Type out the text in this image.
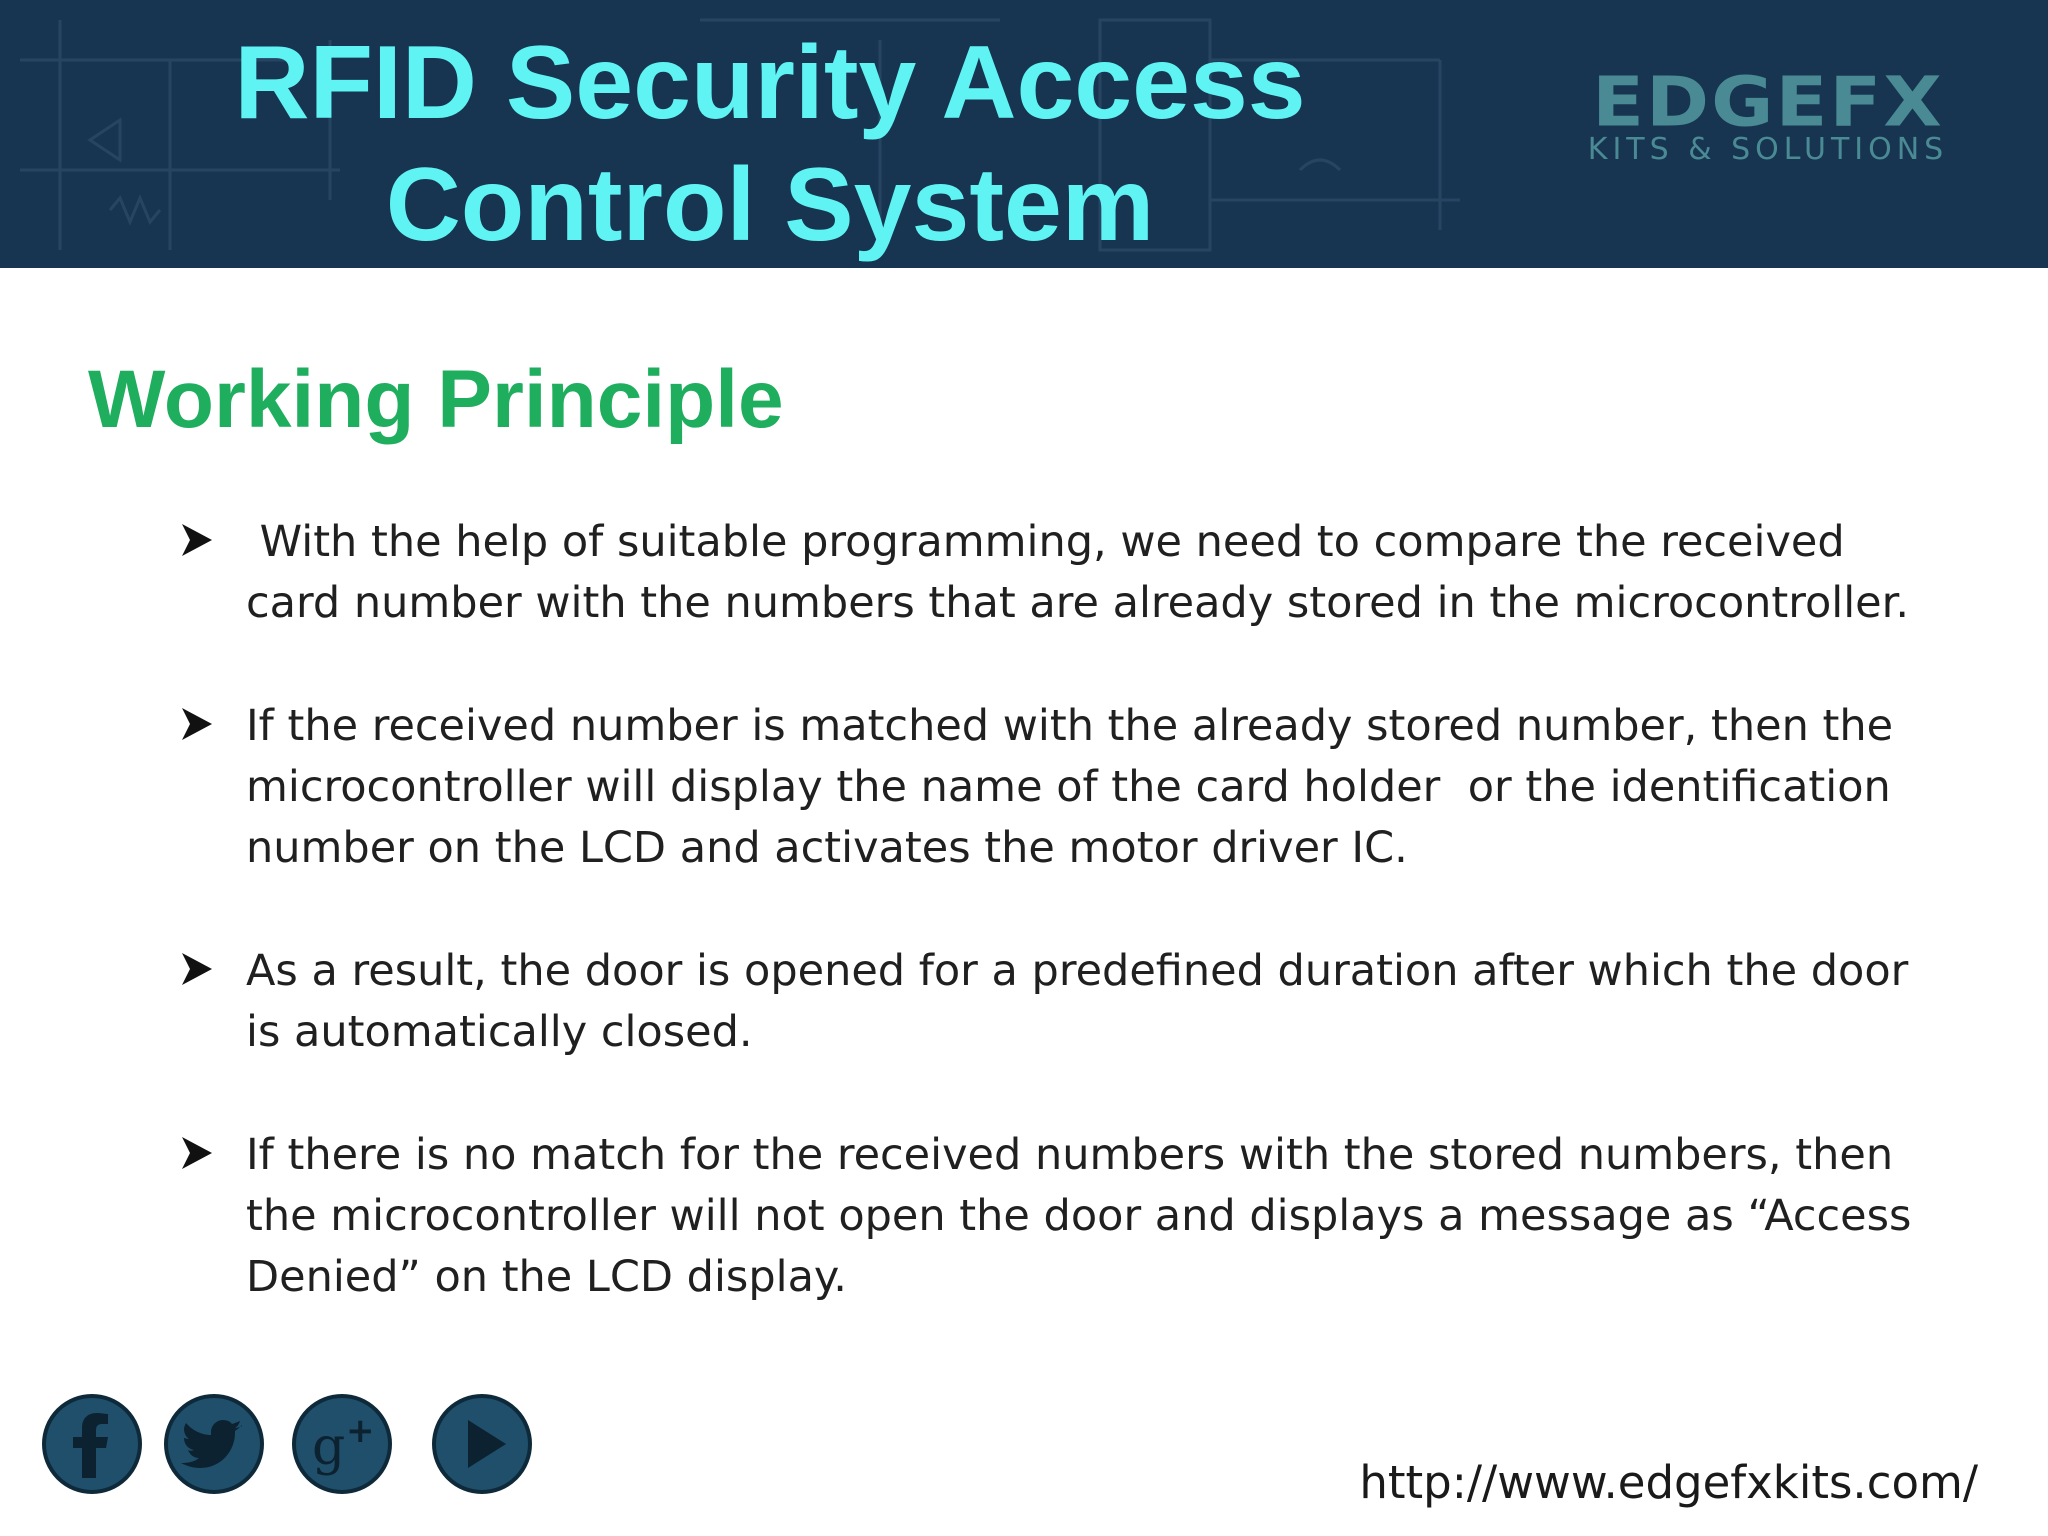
RFID Security Access Control System
EDGEFX
KITS & SOLUTIONS
Working Principle
With the help of suitable programming, we need to compare the received card number with the numbers that are already stored in the microcontroller.
If the received number is matched with the already stored number, then the microcontroller will display the name of the card holder  or the identification number on the LCD and activates the motor driver IC.
As a result, the door is opened for a predefined duration after which the door is automatically closed.
If there is no match for the received numbers with the stored numbers, then the microcontroller will not open the door and displays a message as “Access Denied” on the LCD display.
g +
http://www.edgefxkits.com/
